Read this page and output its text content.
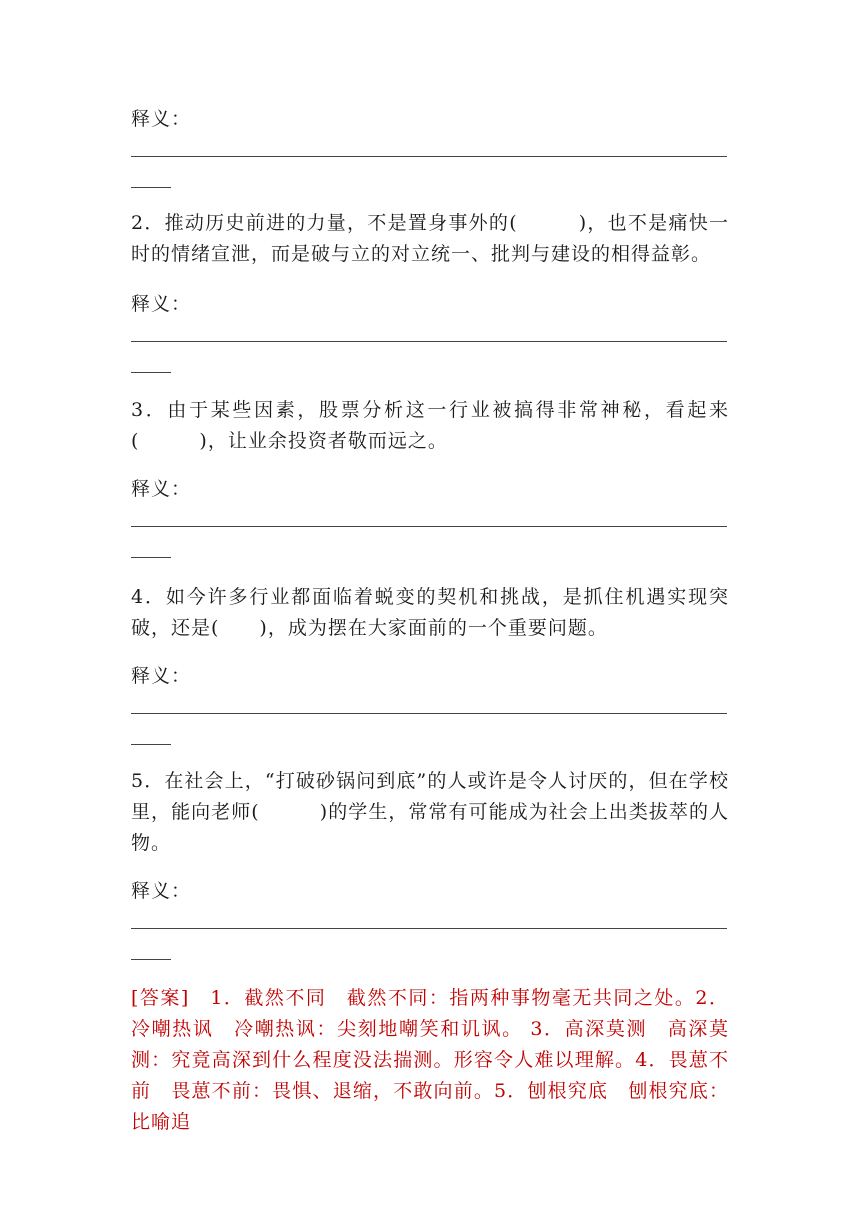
释义：
2．推动历史前进的力量，不是置身事外的(　　　)，也不是痛快一时的情绪宣泄，而是破与立的对立统一、批判与建设的相得益彰。
释义：
3．由于某些因素，股票分析这一行业被搞得非常神秘，看起来(　　　)，让业余投资者敬而远之。
释义：
4．如今许多行业都面临着蜕变的契机和挑战，是抓住机遇实现突破，还是(　　)，成为摆在大家面前的一个重要问题。
释义：
5．在社会上，“打破砂锅问到底”的人或许是令人讨厌的，但在学校里，能向老师(　　　)的学生，常常有可能成为社会上出类拔萃的人物。
释义：
[答案]　1．截然不同　截然不同：指两种事物毫无共同之处。2．冷嘲热讽　冷嘲热讽：尖刻地嘲笑和讥讽。 3．高深莫测　高深莫测：究竟高深到什么程度没法揣测。形容令人难以理解。4．畏葸不前　畏葸不前：畏惧、退缩，不敢向前。5．刨根究底　刨根究底：比喻追
